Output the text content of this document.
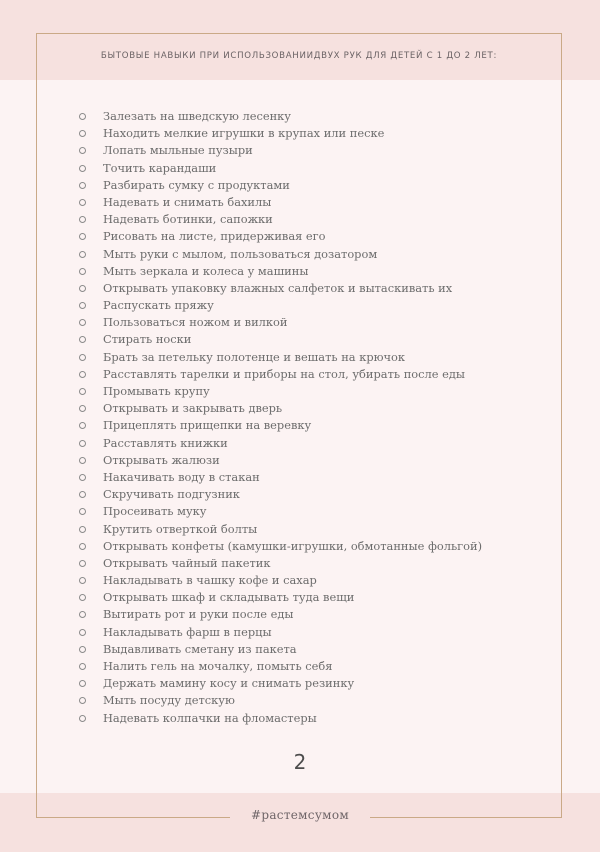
БЫТОВЫЕ НАВЫКИ ПРИ ИСПОЛЬЗОВАНИИДВУХ РУК ДЛЯ ДЕТЕЙ С 1 ДО 2 ЛЕТ:
Залезать на шведскую лесенку
Находить мелкие игрушки в крупах или песке
Лопать мыльные пузыри
Точить карандаши
Разбирать сумку с продуктами
Надевать и снимать бахилы
Надевать ботинки, сапожки
Рисовать на листе, придерживая его
Мыть руки с мылом, пользоваться дозатором
Мыть зеркала и колеса у машины
Открывать упаковку влажных салфеток и вытаскивать их
Распускать пряжу
Пользоваться ножом и вилкой
Стирать носки
Брать за петельку полотенце и вешать на крючок
Расставлять тарелки и приборы на стол, убирать после еды
Промывать крупу
Открывать и закрывать дверь
Прицеплять прищепки на веревку
Расставлять книжки
Открывать жалюзи
Накачивать воду в стакан
Скручивать подгузник
Просеивать муку
Крутить отверткой болты
Открывать конфеты (камушки-игрушки, обмотанные фольгой)
Открывать чайный пакетик
Накладывать в чашку кофе и сахар
Открывать шкаф и складывать туда вещи
Вытирать рот и руки после еды
Накладывать фарш в перцы
Выдавливать сметану из пакета
Налить гель на мочалку, помыть себя
Держать мамину косу и снимать резинку
Мыть посуду детскую
Надевать колпачки на фломастеры
2
#растемсумом
